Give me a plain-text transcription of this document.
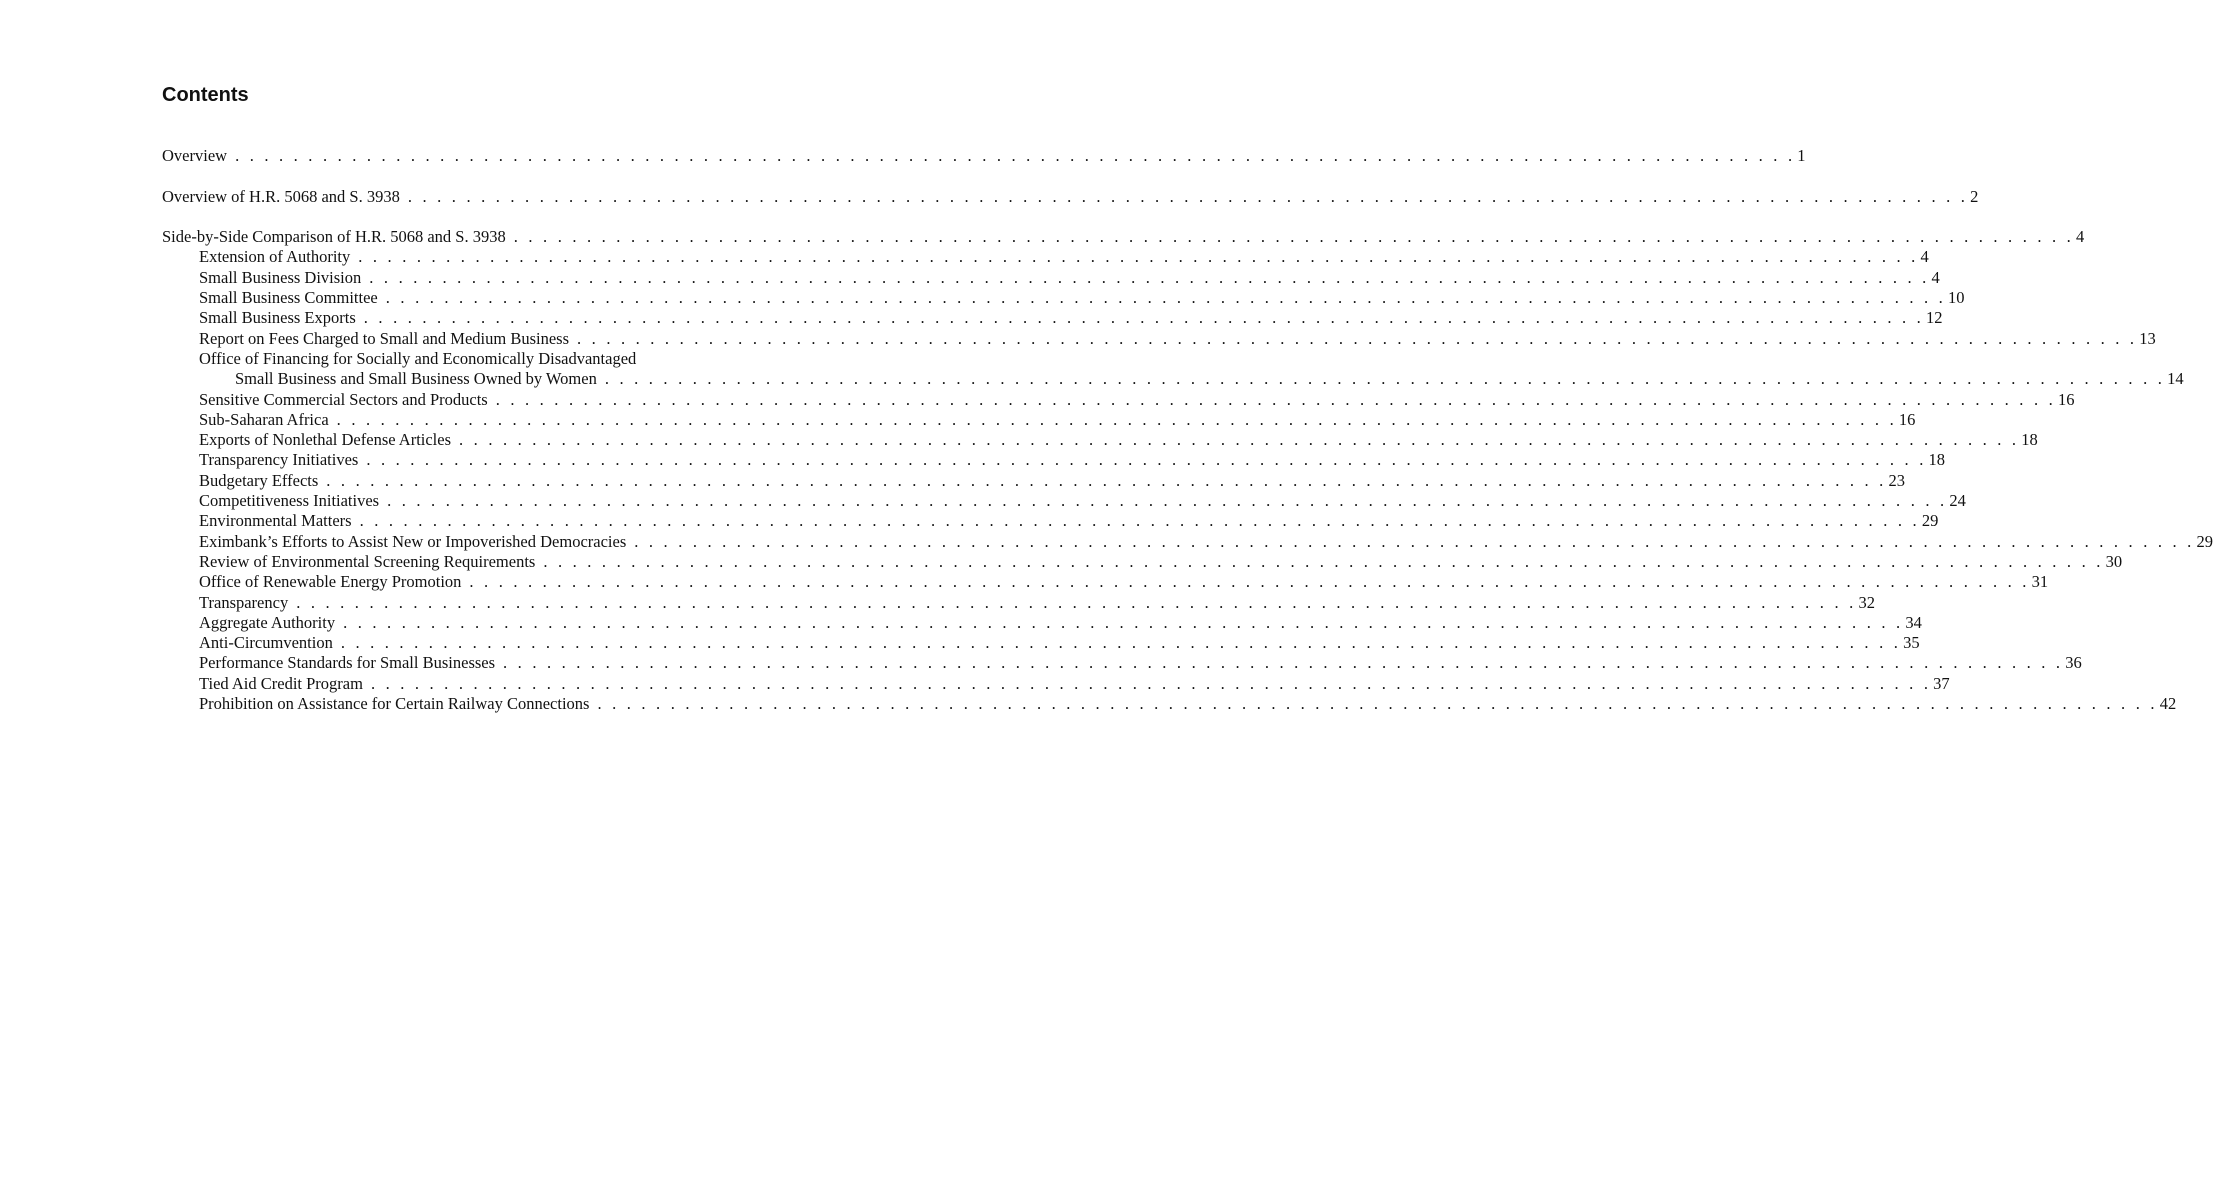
Contents
Overview . . . . . . . . . . . . . . . . . . . . . . . . . . . . . . . . . . . . . . . . . . . . . . . . . . . . . . . . . . . . . . . . . . . . . . . . . . . . . . . . . . . . . . . . . . . . . . . . . . . . . . . . . . . 1
Overview of H.R. 5068 and S. 3938 . . . . . . . . . . . . . . . . . . . . . . . . . . . . . . . . . . . . . . . . . . . . . . . . . . . . . . . . . . . . . . . . . . . . . . . . . . . . . . . . . . . . . . . . . . . . . . . . . . . . . . . . . . . 2
Side-by-Side Comparison of H.R. 5068 and S. 3938 . . . . . . . . . . . . . . . . . . . . . . . . . . . . . . . . . . . . . . . . . . . . . . . . . . . . . . . . . . . . . . . . . . . . . . . . . . . . . . . . . . . . . . . . . . . . . . . . . . . . . . . . . . . 4
Extension of Authority . . . . . . . . . . . . . . . . . . . . . . . . . . . . . . . . . . . . . . . . . . . . . . . . . . . . . . . . . . . . . . . . . . . . . . . . . . . . . . . . . . . . . . . . . . . . . . . . . . . . . . . . . . . 4
Small Business Division . . . . . . . . . . . . . . . . . . . . . . . . . . . . . . . . . . . . . . . . . . . . . . . . . . . . . . . . . . . . . . . . . . . . . . . . . . . . . . . . . . . . . . . . . . . . . . . . . . . . . . . . . . . 4
Small Business Committee . . . . . . . . . . . . . . . . . . . . . . . . . . . . . . . . . . . . . . . . . . . . . . . . . . . . . . . . . . . . . . . . . . . . . . . . . . . . . . . . . . . . . . . . . . . . . . . . . . . . . . . . . . . 10
Small Business Exports . . . . . . . . . . . . . . . . . . . . . . . . . . . . . . . . . . . . . . . . . . . . . . . . . . . . . . . . . . . . . . . . . . . . . . . . . . . . . . . . . . . . . . . . . . . . . . . . . . . . . . . . . . . 12
Report on Fees Charged to Small and Medium Business . . . . . . . . . . . . . . . . . . . . . . . . . . . . . . . . . . . . . . . . . . . . . . . . . . . . . . . . . . . . . . . . . . . . . . . . . . . . . . . . . . . . . . . . . . . . . . . . . . . . . . . . . . . 13
Office of Financing for Socially and Economically Disadvantaged
Small Business and Small Business Owned by Women . . . . . . . . . . . . . . . . . . . . . . . . . . . . . . . . . . . . . . . . . . . . . . . . . . . . . . . . . . . . . . . . . . . . . . . . . . . . . . . . . . . . . . . . . . . . . . . . . . . . . . . . . . . 14
Sensitive Commercial Sectors and Products . . . . . . . . . . . . . . . . . . . . . . . . . . . . . . . . . . . . . . . . . . . . . . . . . . . . . . . . . . . . . . . . . . . . . . . . . . . . . . . . . . . . . . . . . . . . . . . . . . . . . . . . . . . 16
Sub-Saharan Africa . . . . . . . . . . . . . . . . . . . . . . . . . . . . . . . . . . . . . . . . . . . . . . . . . . . . . . . . . . . . . . . . . . . . . . . . . . . . . . . . . . . . . . . . . . . . . . . . . . . . . . . . . . . 16
Exports of Nonlethal Defense Articles . . . . . . . . . . . . . . . . . . . . . . . . . . . . . . . . . . . . . . . . . . . . . . . . . . . . . . . . . . . . . . . . . . . . . . . . . . . . . . . . . . . . . . . . . . . . . . . . . . . . . . . . . . . 18
Transparency Initiatives . . . . . . . . . . . . . . . . . . . . . . . . . . . . . . . . . . . . . . . . . . . . . . . . . . . . . . . . . . . . . . . . . . . . . . . . . . . . . . . . . . . . . . . . . . . . . . . . . . . . . . . . . . . 18
Budgetary Effects . . . . . . . . . . . . . . . . . . . . . . . . . . . . . . . . . . . . . . . . . . . . . . . . . . . . . . . . . . . . . . . . . . . . . . . . . . . . . . . . . . . . . . . . . . . . . . . . . . . . . . . . . . . 23
Competitiveness Initiatives . . . . . . . . . . . . . . . . . . . . . . . . . . . . . . . . . . . . . . . . . . . . . . . . . . . . . . . . . . . . . . . . . . . . . . . . . . . . . . . . . . . . . . . . . . . . . . . . . . . . . . . . . . . 24
Environmental Matters . . . . . . . . . . . . . . . . . . . . . . . . . . . . . . . . . . . . . . . . . . . . . . . . . . . . . . . . . . . . . . . . . . . . . . . . . . . . . . . . . . . . . . . . . . . . . . . . . . . . . . . . . . . 29
Eximbank’s Efforts to Assist New or Impoverished Democracies . . . . . . . . . . . . . . . . . . . . . . . . . . . . . . . . . . . . . . . . . . . . . . . . . . . . . . . . . . . . . . . . . . . . . . . . . . . . . . . . . . . . . . . . . . . . . . . . . . . . . . . . . . . 29
Review of Environmental Screening Requirements . . . . . . . . . . . . . . . . . . . . . . . . . . . . . . . . . . . . . . . . . . . . . . . . . . . . . . . . . . . . . . . . . . . . . . . . . . . . . . . . . . . . . . . . . . . . . . . . . . . . . . . . . . . 30
Office of Renewable Energy Promotion . . . . . . . . . . . . . . . . . . . . . . . . . . . . . . . . . . . . . . . . . . . . . . . . . . . . . . . . . . . . . . . . . . . . . . . . . . . . . . . . . . . . . . . . . . . . . . . . . . . . . . . . . . . 31
Transparency . . . . . . . . . . . . . . . . . . . . . . . . . . . . . . . . . . . . . . . . . . . . . . . . . . . . . . . . . . . . . . . . . . . . . . . . . . . . . . . . . . . . . . . . . . . . . . . . . . . . . . . . . . . 32
Aggregate Authority . . . . . . . . . . . . . . . . . . . . . . . . . . . . . . . . . . . . . . . . . . . . . . . . . . . . . . . . . . . . . . . . . . . . . . . . . . . . . . . . . . . . . . . . . . . . . . . . . . . . . . . . . . . 34
Anti-Circumvention . . . . . . . . . . . . . . . . . . . . . . . . . . . . . . . . . . . . . . . . . . . . . . . . . . . . . . . . . . . . . . . . . . . . . . . . . . . . . . . . . . . . . . . . . . . . . . . . . . . . . . . . . . . 35
Performance Standards for Small Businesses . . . . . . . . . . . . . . . . . . . . . . . . . . . . . . . . . . . . . . . . . . . . . . . . . . . . . . . . . . . . . . . . . . . . . . . . . . . . . . . . . . . . . . . . . . . . . . . . . . . . . . . . . . . 36
Tied Aid Credit Program . . . . . . . . . . . . . . . . . . . . . . . . . . . . . . . . . . . . . . . . . . . . . . . . . . . . . . . . . . . . . . . . . . . . . . . . . . . . . . . . . . . . . . . . . . . . . . . . . . . . . . . . . . . 37
Prohibition on Assistance for Certain Railway Connections . . . . . . . . . . . . . . . . . . . . . . . . . . . . . . . . . . . . . . . . . . . . . . . . . . . . . . . . . . . . . . . . . . . . . . . . . . . . . . . . . . . . . . . . . . . . . . . . . . . . . . . . . . . 42
